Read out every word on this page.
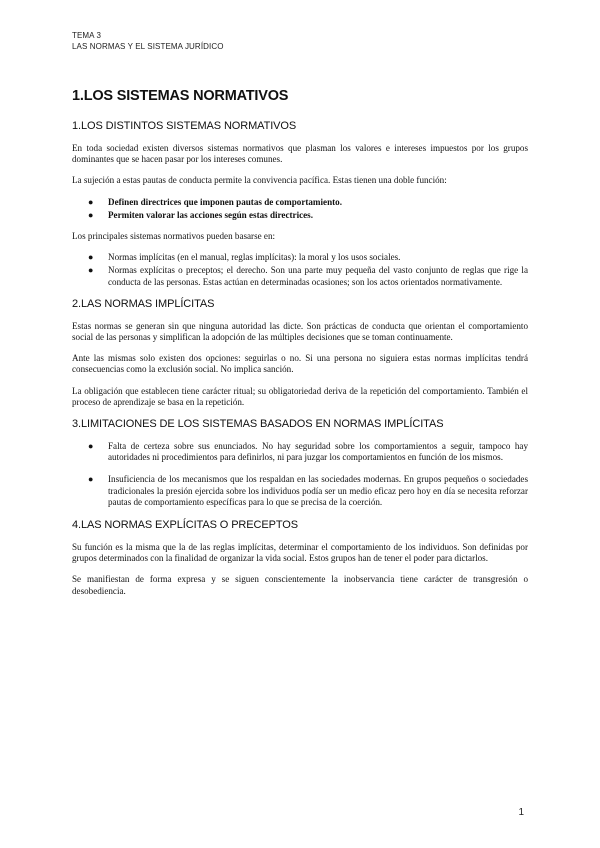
TEMA 3
LAS NORMAS Y EL SISTEMA JURÍDICO
1.LOS SISTEMAS NORMATIVOS
1.LOS DISTINTOS SISTEMAS NORMATIVOS

En toda sociedad existen diversos sistemas normativos que plasman los valores e intereses impuestos por los grupos dominantes que se hacen pasar por los intereses comunes.

La sujeción a estas pautas de conducta permite la convivencia pacífica. Estas tienen una doble función:

● Definen directrices que imponen pautas de comportamiento.
● Permiten valorar las acciones según estas directrices.

Los principales sistemas normativos pueden basarse en:

● Normas implícitas (en el manual, reglas implícitas): la moral y los usos sociales.
● Normas explícitas o preceptos; el derecho. Son una parte muy pequeña del vasto conjunto de reglas que rige la conducta de las personas. Estas actúan en determinadas ocasiones; son los actos orientados normativamente.
2.LAS NORMAS IMPLÍCITAS

Estas normas se generan sin que ninguna autoridad las dicte. Son prácticas de conducta que orientan el comportamiento social de las personas y simplifican la adopción de las múltiples decisiones que se toman continuamente.

Ante las mismas solo existen dos opciones: seguirlas o no. Si una persona no siguiera estas normas implícitas tendrá consecuencias como la exclusión social. No implica sanción.

La obligación que establecen tiene carácter ritual; su obligatoriedad deriva de la repetición del comportamiento. También el proceso de aprendizaje se basa en la repetición.

3.LIMITACIONES DE LOS SISTEMAS BASADOS EN NORMAS IMPLÍCITAS
● Falta de certeza sobre sus enunciados. No hay seguridad sobre los comportamientos a seguir, tampoco hay autoridades ni procedimientos para definirlos, ni para juzgar los comportamientos en función de los mismos.
● Insuficiencia de los mecanismos que los respaldan en las sociedades modernas. En grupos pequeños o sociedades tradicionales la presión ejercida sobre los individuos podía ser un medio eficaz pero hoy en día se necesita reforzar pautas de comportamiento específicas para lo que se precisa de la coerción.
4.LAS NORMAS EXPLÍCITAS O PRECEPTOS

Su función es la misma que la de las reglas implícitas, determinar el comportamiento de los individuos. Son definidas por grupos determinados con la finalidad de organizar la vida social. Estos grupos han de tener el poder para dictarlos.

Se manifiestan de forma expresa y se siguen conscientemente la inobservancia tiene carácter de transgresión o desobediencia.

1
